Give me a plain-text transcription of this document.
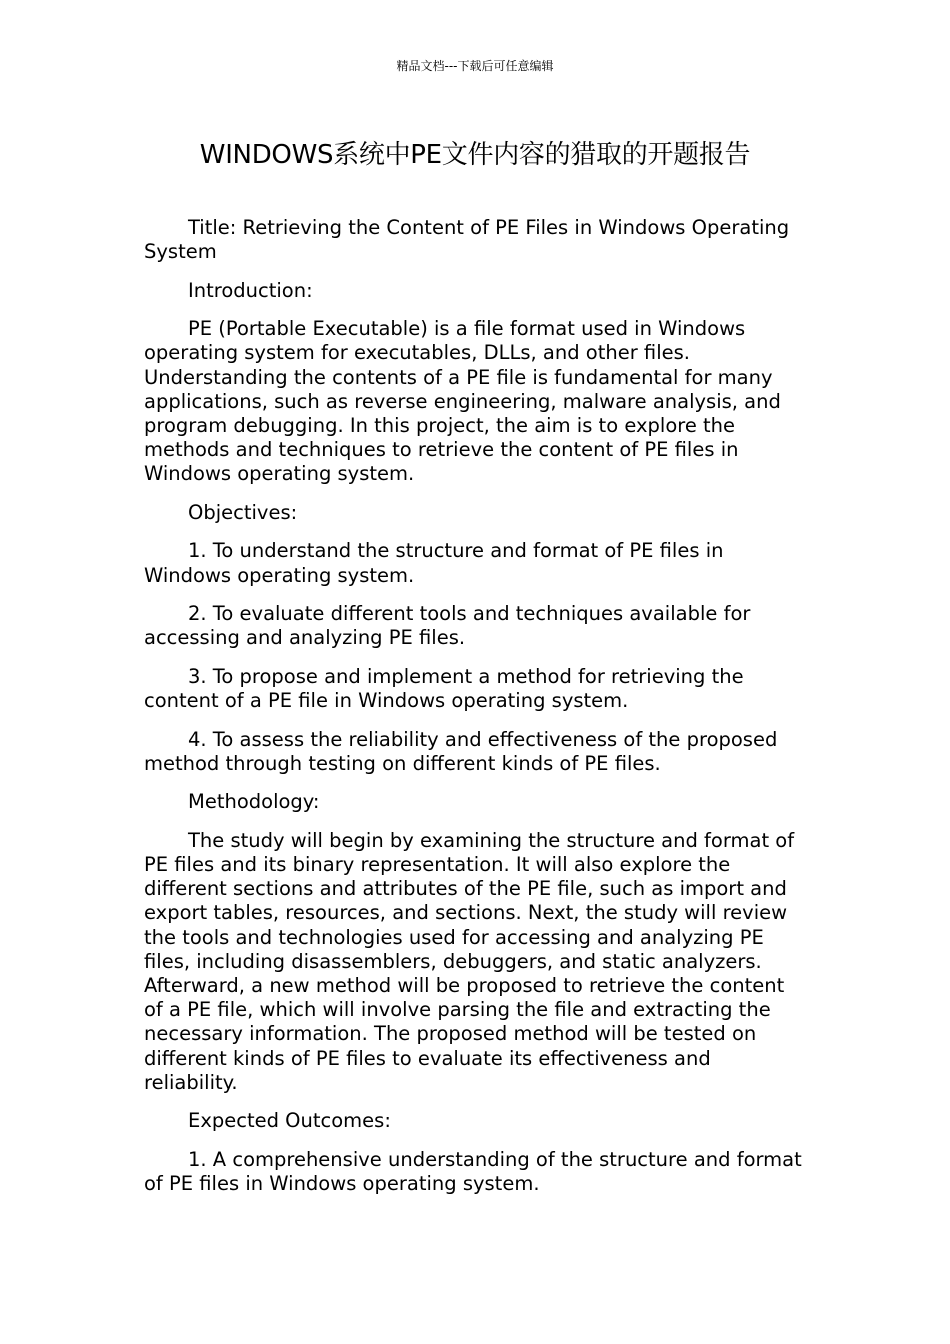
精品文档---下载后可任意编辑
WINDOWS系统中PE文件内容的猎取的开题报告

Title: Retrieving the Content of PE Files in Windows Operating System

Introduction:

PE (Portable Executable) is a file format used in Windows operating system for executables, DLLs, and other files. Understanding the contents of a PE file is fundamental for many applications, such as reverse engineering, malware analysis, and program debugging. In this project, the aim is to explore the methods and techniques to retrieve the content of PE files in Windows operating system.

Objectives:

1. To understand the structure and format of PE files in Windows operating system.

2. To evaluate different tools and techniques available for accessing and analyzing PE files.

3. To propose and implement a method for retrieving the content of a PE file in Windows operating system.

4. To assess the reliability and effectiveness of the proposed method through testing on different kinds of PE files.

Methodology:

The study will begin by examining the structure and format of PE files and its binary representation. It will also explore the different sections and attributes of the PE file, such as import and export tables, resources, and sections. Next, the study will review the tools and technologies used for accessing and analyzing PE files, including disassemblers, debuggers, and static analyzers. Afterward, a new method will be proposed to retrieve the content of a PE file, which will involve parsing the file and extracting the necessary information. The proposed method will be tested on different kinds of PE files to evaluate its effectiveness and reliability.

Expected Outcomes:

1. A comprehensive understanding of the structure and format of PE files in Windows operating system.
